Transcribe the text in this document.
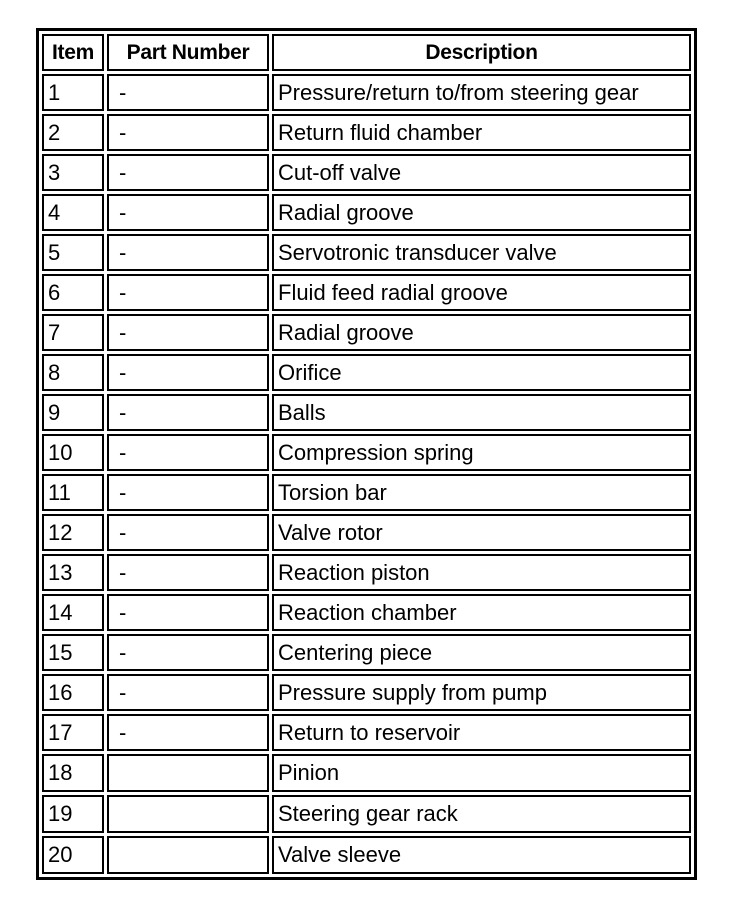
Item	Part Number	Description
1	-	Pressure/return to/from steering gear
2	-	Return fluid chamber
3	-	Cut-off valve
4	-	Radial groove
5	-	Servotronic transducer valve
6	-	Fluid feed radial groove
7	-	Radial groove
8	-	Orifice
9	-	Balls
10	-	Compression spring
11	-	Torsion bar
12	-	Valve rotor
13	-	Reaction piston
14	-	Reaction chamber
15	-	Centering piece
16	-	Pressure supply from pump
17	-	Return to reservoir
18		Pinion
19		Steering gear rack
20		Valve sleeve
